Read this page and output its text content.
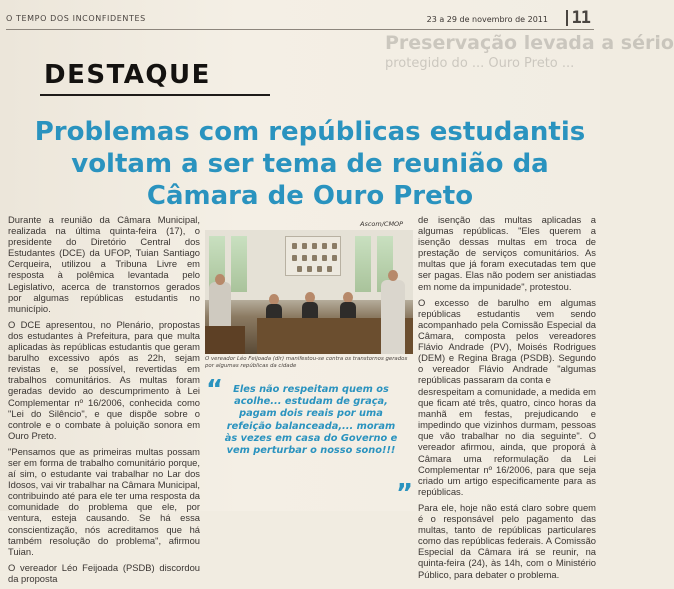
O TEMPO DOS INCONFIDENTES	23 a 29 de novembro de 2011 11
Preservação levada a sério
protegido do ... Ouro Preto ...
DESTAQUE
Problemas com repúblicas estudantis voltam a ser tema de reunião da Câmara de Ouro Preto

Durante a reunião da Câmara Municipal, realizada na última quinta-feira (17), o presidente do Diretório Central dos Estudantes (DCE) da UFOP, Tuian Santiago Cerqueira, utilizou a Tribuna Livre em resposta à polêmica levantada pelo Legislativo, acerca de transtornos gerados por algumas repúblicas estudantis no município.

O DCE apresentou, no Plenário, propostas dos estudantes à Prefeitura, para que multa aplicadas às repúblicas estudantis que geram barulho excessivo após as 22h, sejam revistas e, se possível, revertidas em trabalhos comunitários. As multas foram geradas devido ao descumprimento à Lei Complementar nº 16/2006, conhecida como "Lei do Silêncio", e que dispõe sobre o controle e o combate à poluição sonora em Ouro Preto.

"Pensamos que as primeiras multas possam ser em forma de trabalho comunitário porque, aí sim, o estudante vai trabalhar no Lar dos Idosos, vai vir trabalhar na Câmara Municipal, contribuindo até para ele ter uma resposta da comunidade do problema que ele, por ventura, esteja causando. Se há essa conscientização, nós acreditamos que há também resolução do problema", afirmou Tuian.

O vereador Léo Feijoada (PSDB) discordou da proposta

Ascom/CMOP
O vereador Léo Feijoada (dir) manifestou-se contra os transtornos gerados por algumas repúblicas da cidade
“	Eles não respeitam quem os acolhe... estudam de graça, pagam dois reais por uma refeição balanceada,... moram às vezes em casa do Governo e vem perturbar o nosso sono!!!
”

de isenção das multas aplicadas a algumas repúblicas. "Eles querem a isenção dessas multas em troca de prestação de serviços comunitários. As multas que já foram executadas tem que ser pagas. Elas não podem ser anistiadas em nome da impunidade", protestou.

O excesso de barulho em algumas repúblicas estudantis vem sendo acompanhado pela Comissão Especial da Câmara, composta pelos vereadores Flávio Andrade (PV), Moisés Rodrigues (DEM) e Regina Braga (PSDB). Segundo o vereador Flávio Andrade "algumas repúblicas passaram da conta e

desrespeitam a comunidade, a medida em que ficam até três, quatro, cinco horas da manhã em festas, prejudicando e impedindo que vizinhos durmam, pessoas que vão trabalhar no dia seguinte". O vereador afirmou, ainda, que proporá à Câmara uma reformulação da Lei Complementar nº 16/2006, para que seja criado um artigo especificamente para as repúblicas.

Para ele, hoje não está claro sobre quem é o responsável pelo pagamento das multas, tanto de repúblicas particulares como das repúblicas federais. A Comissão Especial da Câmara irá se reunir, na quinta-feira (24), às 14h, com o Ministério Público, para debater o problema.
